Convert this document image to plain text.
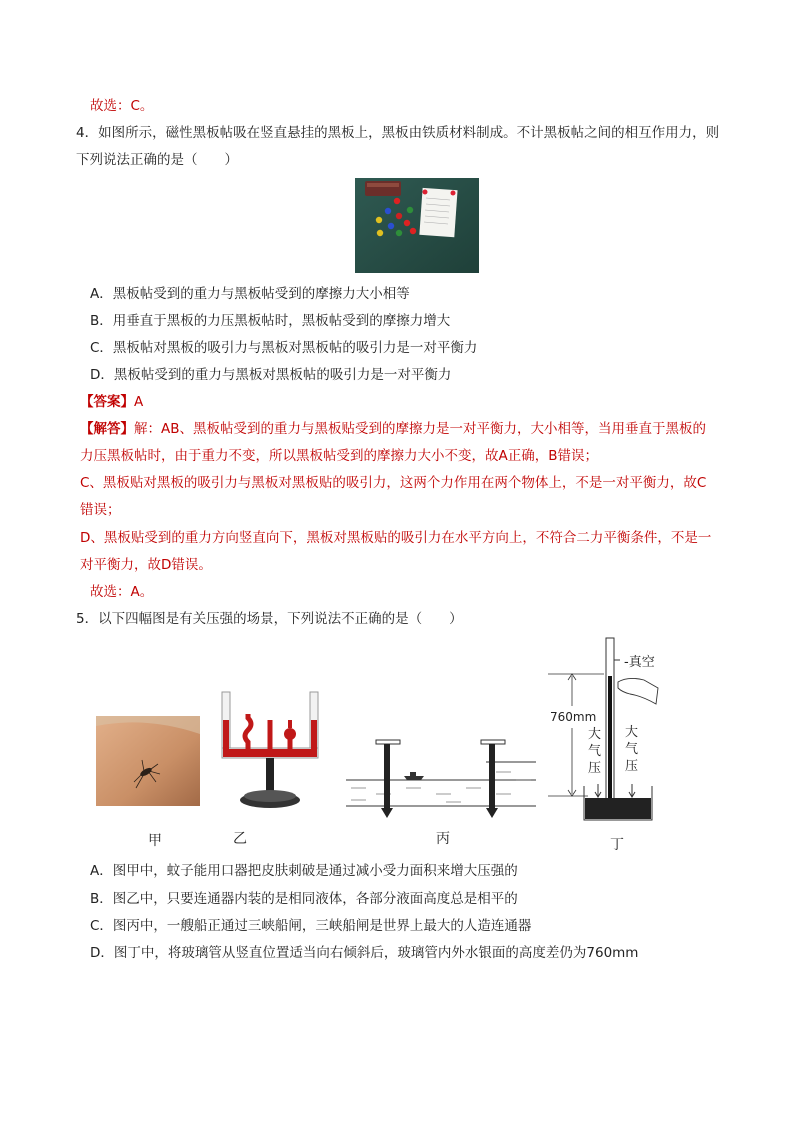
故选：C。
4．如图所示，磁性黑板帖吸在竖直悬挂的黑板上，黑板由铁质材料制成。不计黑板帖之间的相互作用力，则
下列说法正确的是（　　）
A．黑板帖受到的重力与黑板帖受到的摩擦力大小相等
B．用垂直于黑板的力压黑板帖时，黑板帖受到的摩擦力增大
C．黑板帖对黑板的吸引力与黑板对黑板帖的吸引力是一对平衡力
D．黑板帖受到的重力与黑板对黑板帖的吸引力是一对平衡力
【答案】A
【解答】解：AB、黑板帖受到的重力与黑板贴受到的摩擦力是一对平衡力，大小相等，当用垂直于黑板的
力压黑板帖时，由于重力不变，所以黑板帖受到的摩擦力大小不变，故A正确，B错误；
C、黑板贴对黑板的吸引力与黑板对黑板贴的吸引力，这两个力作用在两个物体上，不是一对平衡力，故C
错误；
D、黑板贴受到的重力方向竖直向下，黑板对黑板贴的吸引力在水平方向上，不符合二力平衡条件，不是一
对平衡力，故D错误。
故选：A。
5．以下四幅图是有关压强的场景，下列说法不正确的是（　　）
甲	乙	丙
-真空
760mm
大
气
压
大
气
压
丁
A．图甲中，蚊子能用口器把皮肤刺破是通过减小受力面积来增大压强的
B．图乙中，只要连通器内装的是相同液体，各部分液面高度总是相平的
C．图丙中，一艘船正通过三峡船闸，三峡船闸是世界上最大的人造连通器
D．图丁中，将玻璃管从竖直位置适当向右倾斜后，玻璃管内外水银面的高度差仍为760mm
